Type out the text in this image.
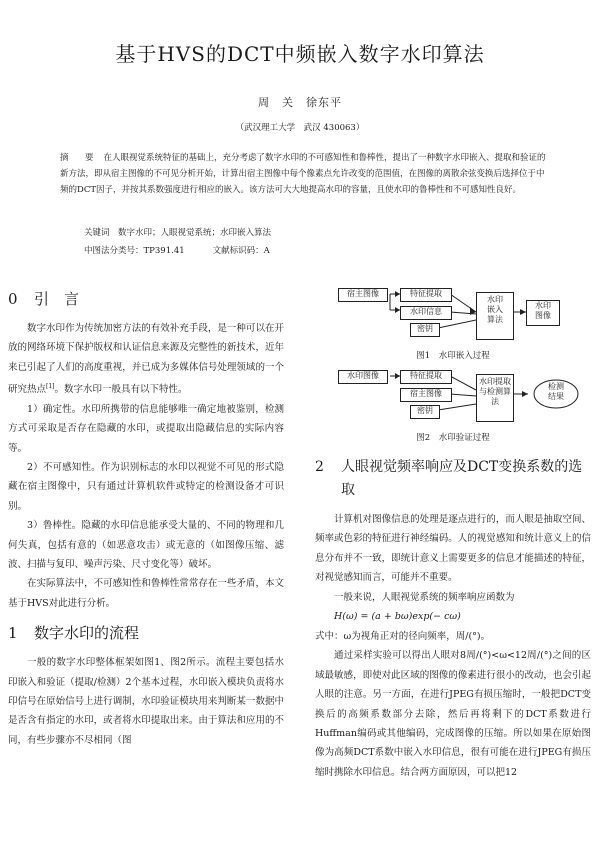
基于HVS的DCT中频嵌入数字水印算法
周　关　徐东平
（武汉理工大学　武汉 430063）
摘　要 在人眼视觉系统特征的基础上，充分考虑了数字水印的不可感知性和鲁棒性，提出了一种数字水印嵌入、提取和验证的新方法，即从宿主图像的不可见分析开始，计算出宿主图像中每个像素点允许改变的范围值，在图像的离散余弦变换后选择位于中频的DCT因子，并按其系数强度进行相应的嵌入。该方法可大大地提高水印的容量，且使水印的鲁棒性和不可感知性良好。
关键词　数字水印；人眼视觉系统；水印嵌入算法
中图法分类号：TP391.41	文献标识码：A
0 引　言

数字水印作为传统加密方法的有效补充手段，是一种可以在开放的网络环境下保护版权和认证信息来源及完整性的新技术，近年来已引起了人们的高度重视，并已成为多媒体信号处理领域的一个研究热点[1]。数字水印一般具有以下特性。

1）确定性。水印所携带的信息能够唯一确定地被鉴别，检测方式可采取是否存在隐藏的水印，或提取出隐藏信息的实际内容等。

2）不可感知性。作为识别标志的水印以视觉不可见的形式隐藏在宿主图像中，只有通过计算机软件或特定的检测设备才可识别。

3）鲁棒性。隐藏的水印信息能承受大量的、不同的物理和几何失真，包括有意的（如恶意攻击）或无意的（如图像压缩、滤波、扫描与复印、噪声污染、尺寸变化等）破坏。

在实际算法中，不可感知性和鲁棒性常常存在一些矛盾，本文基于HVS对此进行分析。

1 数字水印的流程

一般的数字水印整体框架如图1、图2所示。流程主要包括水印嵌入和验证（提取/检测）2个基本过程，水印嵌入模块负责将水印信号在原始信号上进行调制，水印验证模块用来判断某一数据中是否含有指定的水印，或者将水印提取出来。由于算法和应用的不同，有些步骤亦不尽相同（图

宿主图像	特征提取
水印信息
密钥
水印
嵌入
算法
水印
图像
图1　水印嵌入过程
水印图像	特征提取
宿主图像
密钥
水印提取与检测算法
检测
结果
图2　水印验证过程
2 人眼视觉频率响应及DCT变换系数的选取

计算机对图像信息的处理是逐点进行的，而人眼是抽取空间、频率或色彩的特征进行神经编码。人的视觉感知和统计意义上的信息分布并不一致，即统计意义上需要更多的信息才能描述的特征，对视觉感知而言，可能并不重要。

一般来说，人眼视觉系统的频率响应函数为

H(ω) = (a + bω)exp(− cω)

式中：ω为视角正对的径向频率，周/(°)。

通过采样实验可以得出人眼对8周/(°)<ω<12周/(°)之间的区域最敏感，即使对此区域的图像的像素进行很小的改动，也会引起人眼的注意。另一方面，在进行JPEG有损压缩时，一般把DCT变换后的高频系数部分去除，然后再将剩下的DCT系数进行Huffman编码或其他编码，完成图像的压缩。所以如果在原始图像为高频DCT系数中嵌入水印信息，很有可能在进行JPEG有损压缩时携除水印信息。结合两方面原因，可以把12
